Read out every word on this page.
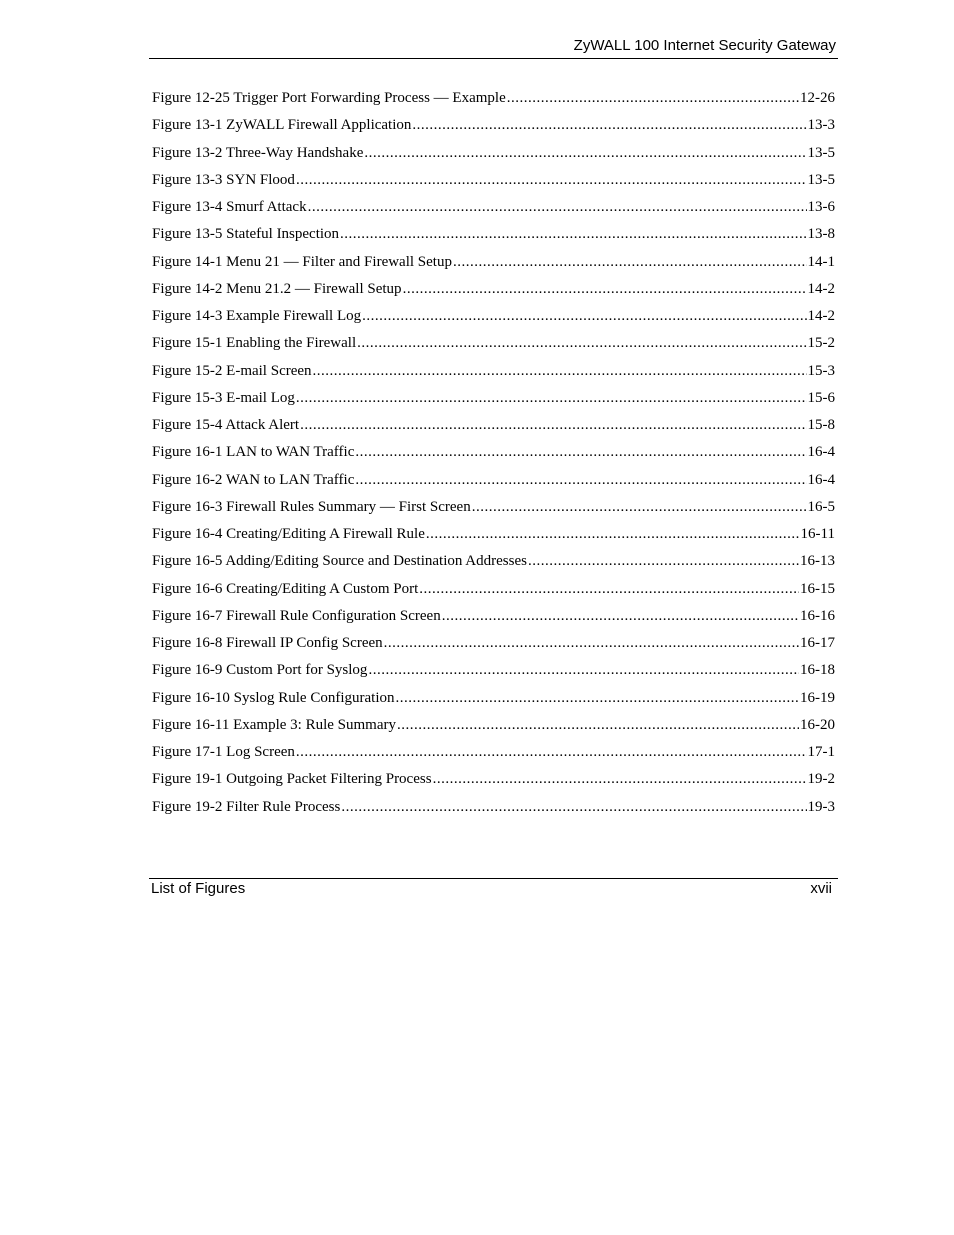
ZyWALL 100 Internet Security Gateway
Figure 12-25 Trigger Port Forwarding Process — Example .....	12-26
Figure 13-1 ZyWALL Firewall Application .....	13-3
Figure 13-2 Three-Way Handshake .....	13-5
Figure 13-3 SYN Flood .....	13-5
Figure 13-4 Smurf Attack .....	13-6
Figure 13-5 Stateful Inspection .....	13-8
Figure 14-1 Menu 21 — Filter and Firewall Setup .....	14-1
Figure 14-2 Menu 21.2 — Firewall Setup .....	14-2
Figure 14-3 Example Firewall Log .....	14-2
Figure 15-1 Enabling the Firewall .....	15-2
Figure 15-2 E-mail Screen .....	15-3
Figure 15-3 E-mail Log .....	15-6
Figure 15-4 Attack Alert .....	15-8
Figure 16-1 LAN to WAN Traffic .....	16-4
Figure 16-2 WAN to LAN Traffic .....	16-4
Figure 16-3 Firewall Rules Summary — First Screen .....	16-5
Figure 16-4 Creating/Editing A Firewall Rule .....	16-11
Figure 16-5 Adding/Editing Source and Destination Addresses .....	16-13
Figure 16-6 Creating/Editing A Custom Port .....	16-15
Figure 16-7 Firewall Rule Configuration Screen .....	16-16
Figure 16-8 Firewall IP Config Screen .....	16-17
Figure 16-9 Custom Port for Syslog .....	16-18
Figure 16-10 Syslog Rule Configuration .....	16-19
Figure 16-11 Example 3: Rule Summary .....	16-20
Figure 17-1 Log Screen .....	17-1
Figure 19-1 Outgoing Packet Filtering Process .....	19-2
Figure 19-2 Filter Rule Process .....	19-3
List of Figures	xvii
